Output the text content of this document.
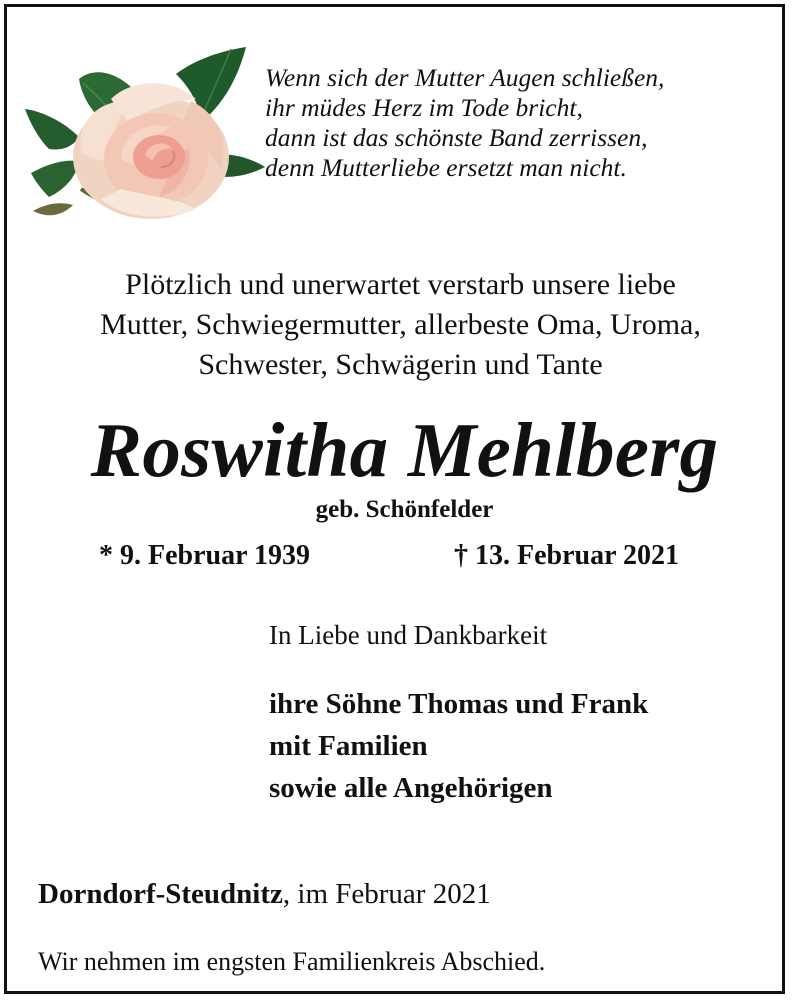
Wenn sich der Mutter Augen schließen,
ihr müdes Herz im Tode bricht,
dann ist das schönste Band zerrissen,
denn Mutterliebe ersetzt man nicht.
Plötzlich und unerwartet verstarb unsere liebe
Mutter, Schwiegermutter, allerbeste Oma, Uroma,
Schwester, Schwägerin und Tante
Roswitha Mehlberg
geb. Schönfelder
* 9. Februar 1939	† 13. Februar 2021
In Liebe und Dankbarkeit
ihre Söhne Thomas und Frank
mit Familien
sowie alle Angehörigen
Dorndorf-Steudnitz, im Februar 2021
Wir nehmen im engsten Familienkreis Abschied.
